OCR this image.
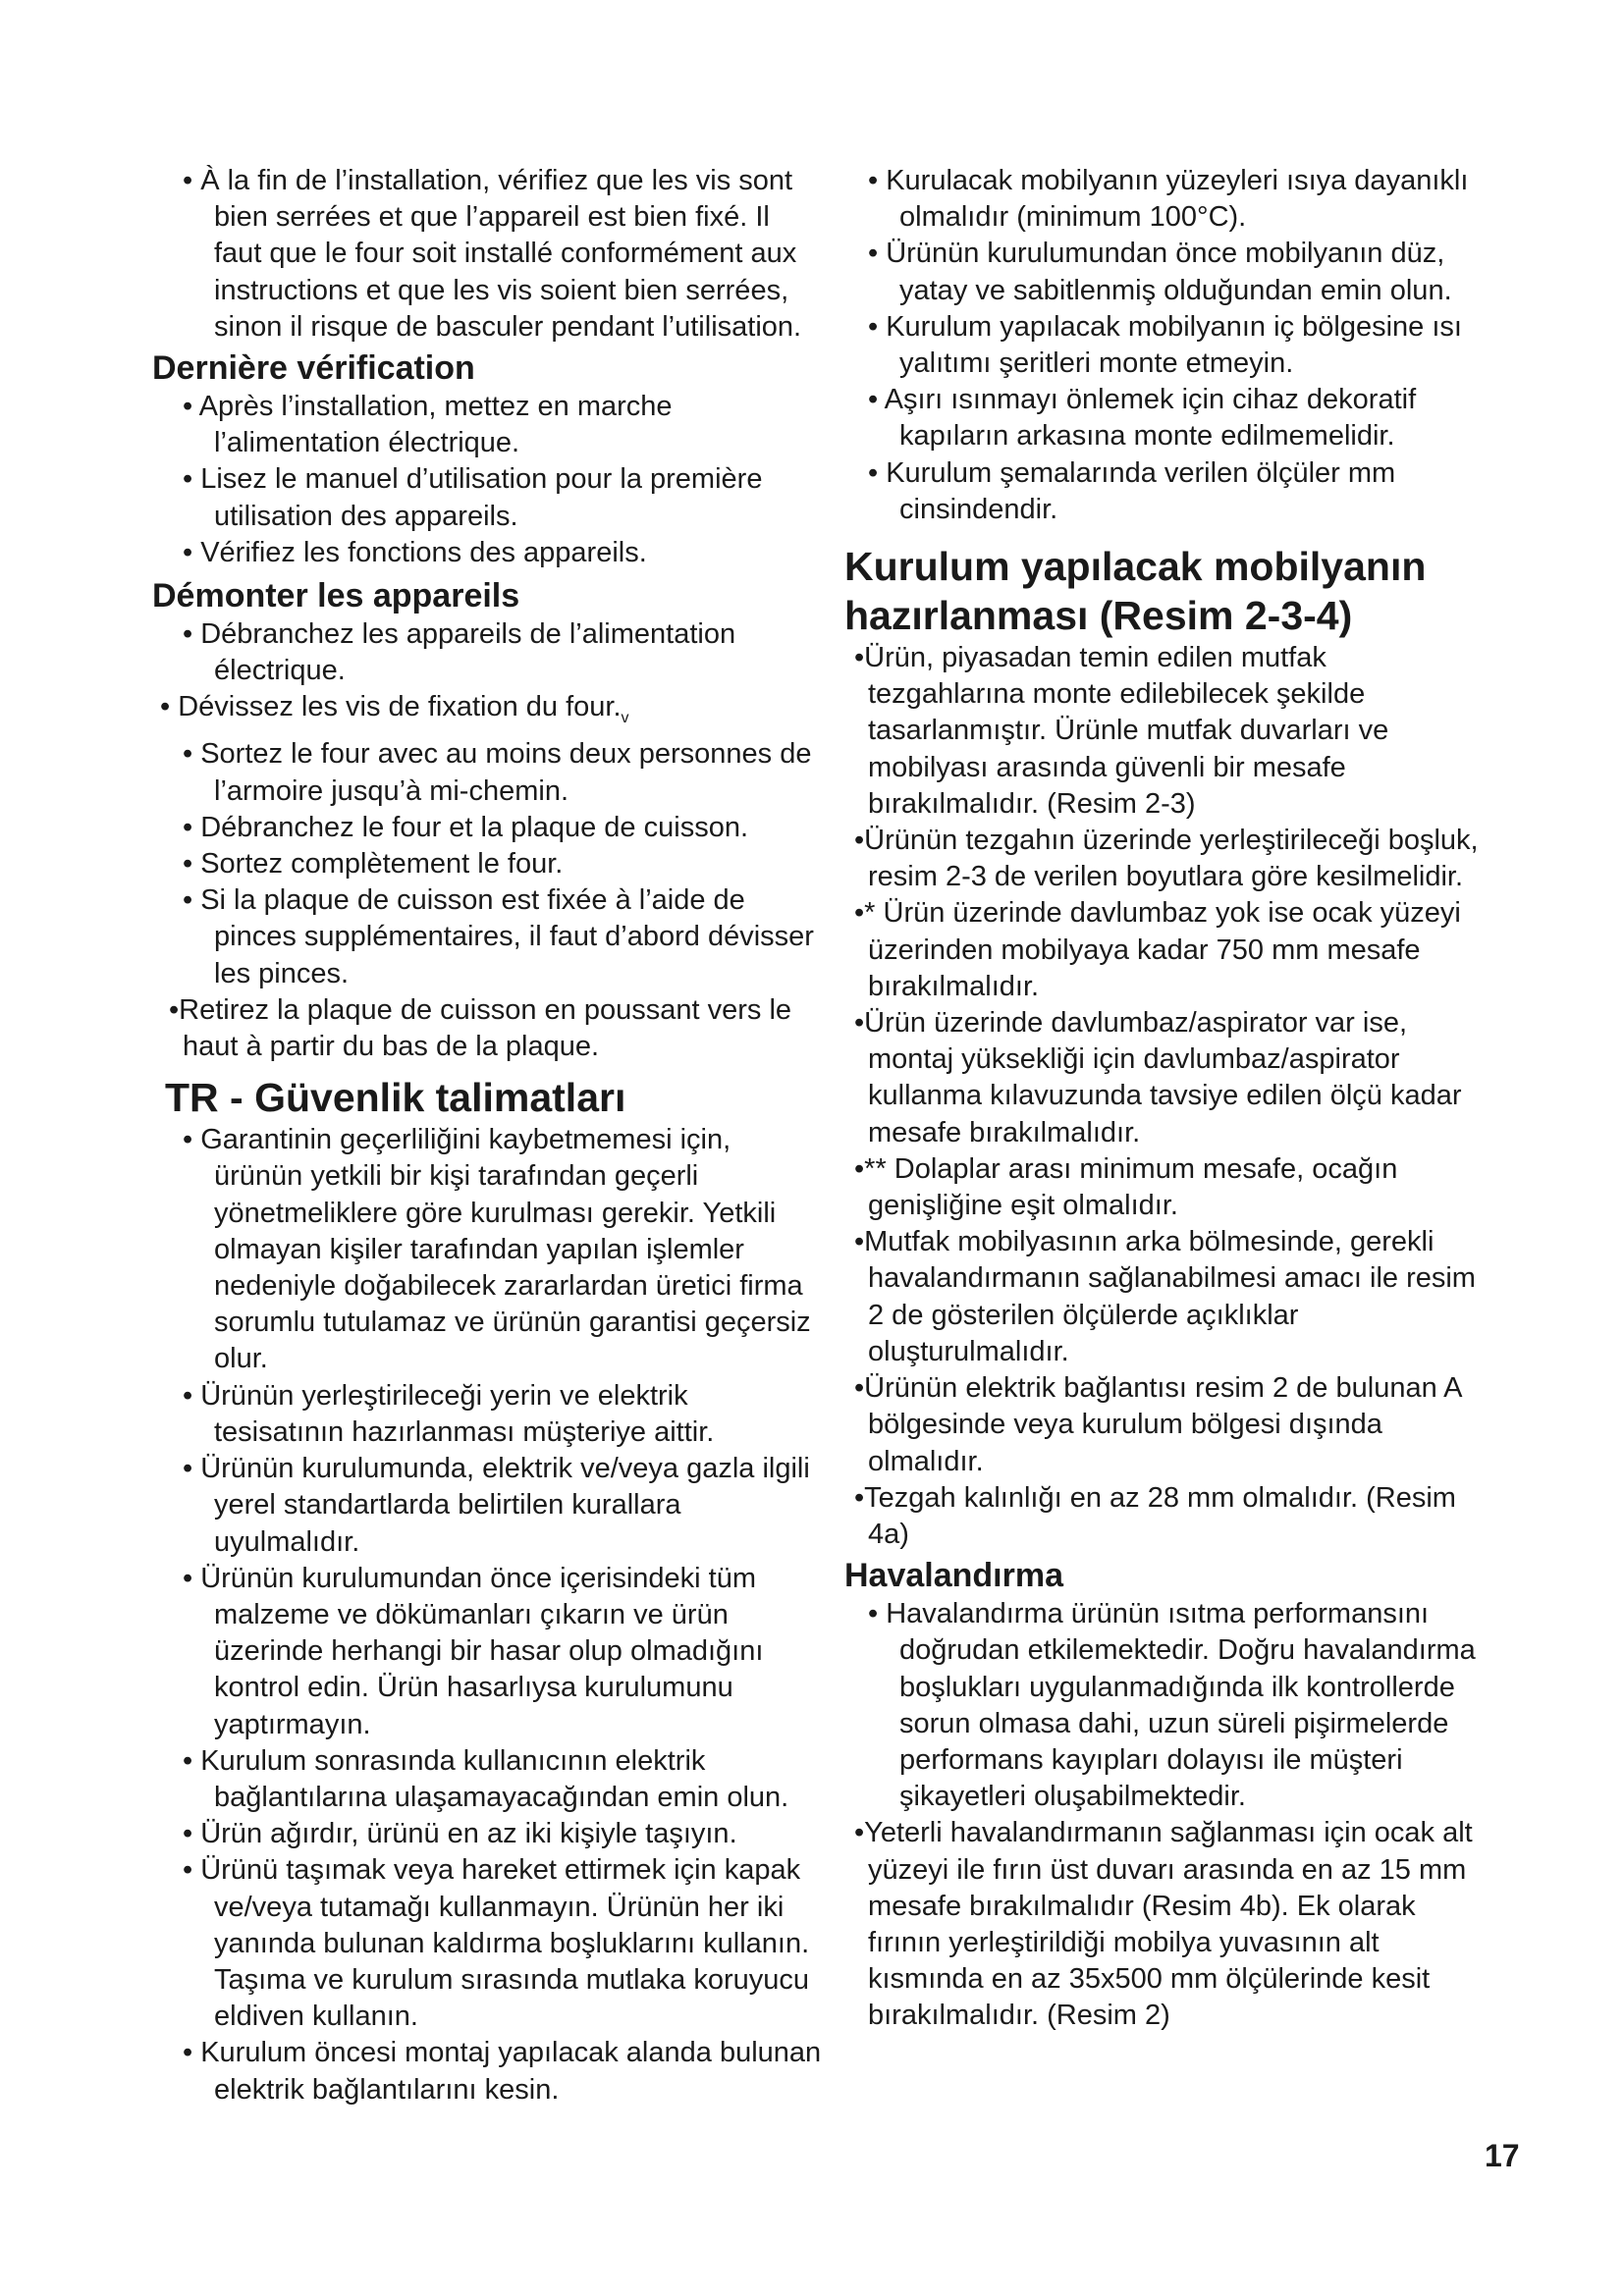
• À la fin de l’installation, vérifiez que les vis sont bien serrées et que l’appareil est bien fixé. Il faut que le four soit installé conformément aux instructions et que les vis soient bien serrées, sinon il risque de basculer pendant l’utilisation.

Dernière vérification

• Après l’installation, mettez en marche l’alimentation électrique.

• Lisez le manuel d’utilisation pour la première utilisation des appareils.

• Vérifiez les fonctions des appareils.

Démonter les appareils

• Débranchez les appareils de l’alimentation électrique.

• Dévissez les vis de fixation du $four._v$

• Sortez le four avec au moins deux personnes de l’armoire jusqu’à mi-chemin.

• Débranchez le four et la plaque de cuisson.

• Sortez complètement le four.

• Si la plaque de cuisson est fixée à l’aide de pinces supplémentaires, il faut d’abord dévisser les pinces.

•Retirez la plaque de cuisson en poussant vers le haut à partir du bas de la plaque.

TR - Güvenlik talimatları

• Garantinin geçerliliğini kaybetmemesi için, ürünün yetkili bir kişi tarafından geçerli yönetmeliklere göre kurulması gerekir. Yetkili olmayan kişiler tarafından yapılan işlemler nedeniyle doğabilecek zararlardan üretici firma sorumlu tutulamaz ve ürünün garantisi geçersiz olur.

• Ürünün yerleştirileceği yerin ve elektrik tesisatının hazırlanması müşteriye aittir.

• Ürünün kurulumunda, elektrik ve/veya gazla ilgili yerel standartlarda belirtilen kurallara uyulmalıdır.

• Ürünün kurulumundan önce içerisindeki tüm malzeme ve dökümanları çıkarın ve ürün üzerinde herhangi bir hasar olup olmadığını kontrol edin. Ürün hasarlıysa kurulumunu yaptırmayın.

• Kurulum sonrasında kullanıcının elektrik bağlantılarına ulaşamayacağından emin olun.

• Ürün ağırdır, ürünü en az iki kişiyle taşıyın.

• Ürünü taşımak veya hareket ettirmek için kapak ve/veya tutamağı kullanmayın. Ürünün her iki yanında bulunan kaldırma boşluklarını kullanın. Taşıma ve kurulum sırasında mutlaka koruyucu eldiven kullanın.

• Kurulum öncesi montaj yapılacak alanda bulunan elektrik bağlantılarını kesin.

• Kurulacak mobilyanın yüzeyleri ısıya dayanıklı olmalıdır (minimum 100°C).

• Ürünün kurulumundan önce mobilyanın düz, yatay ve sabitlenmiş olduğundan emin olun.

• Kurulum yapılacak mobilyanın iç bölgesine ısı yalıtımı şeritleri monte etmeyin.

• Aşırı ısınmayı önlemek için cihaz dekoratif kapıların arkasına monte edilmemelidir.

• Kurulum şemalarında verilen ölçüler mm cinsindendir.

Kurulum yapılacak mobilyanın hazırlanması (Resim 2-3-4)

•Ürün, piyasadan temin edilen mutfak tezgahlarına monte edilebilecek şekilde tasarlanmıştır. Ürünle mutfak duvarları ve mobilyası arasında güvenli bir mesafe bırakılmalıdır. (Resim 2-3)

•Ürünün tezgahın üzerinde yerleştirileceği boşluk, resim 2-3 de verilen boyutlara göre kesilmelidir.

•* Ürün üzerinde davlumbaz yok ise ocak yüzeyi üzerinden mobilyaya kadar 750 mm mesafe bırakılmalıdır.

•Ürün üzerinde davlumbaz/aspirator var ise, montaj yüksekliği için davlumbaz/aspirator kullanma kılavuzunda tavsiye edilen ölçü kadar mesafe bırakılmalıdır.

•** Dolaplar arası minimum mesafe, ocağın genişliğine eşit olmalıdır.

•Mutfak mobilyasının arka bölmesinde, gerekli havalandırmanın sağlanabilmesi amacı ile resim 2 de gösterilen ölçülerde açıklıklar oluşturulmalıdır.

•Ürünün elektrik bağlantısı resim 2 de bulunan A bölgesinde veya kurulum bölgesi dışında olmalıdır.

•Tezgah kalınlığı en az 28 mm olmalıdır. (Resim 4a)

Havalandırma

• Havalandırma ürünün ısıtma performansını doğrudan etkilemektedir. Doğru havalandırma boşlukları uygulanmadığında ilk kontrollerde sorun olmasa dahi, uzun süreli pişirmelerde performans kayıpları dolayısı ile müşteri şikayetleri oluşabilmektedir.

•Yeterli havalandırmanın sağlanması için ocak alt yüzeyi ile fırın üst duvarı arasında en az 15 mm mesafe bırakılmalıdır (Resim 4b). Ek olarak fırının yerleştirildiği mobilya yuvasının alt kısmında en az 35x500 mm ölçülerinde kesit bırakılmalıdır. (Resim 2)

17
